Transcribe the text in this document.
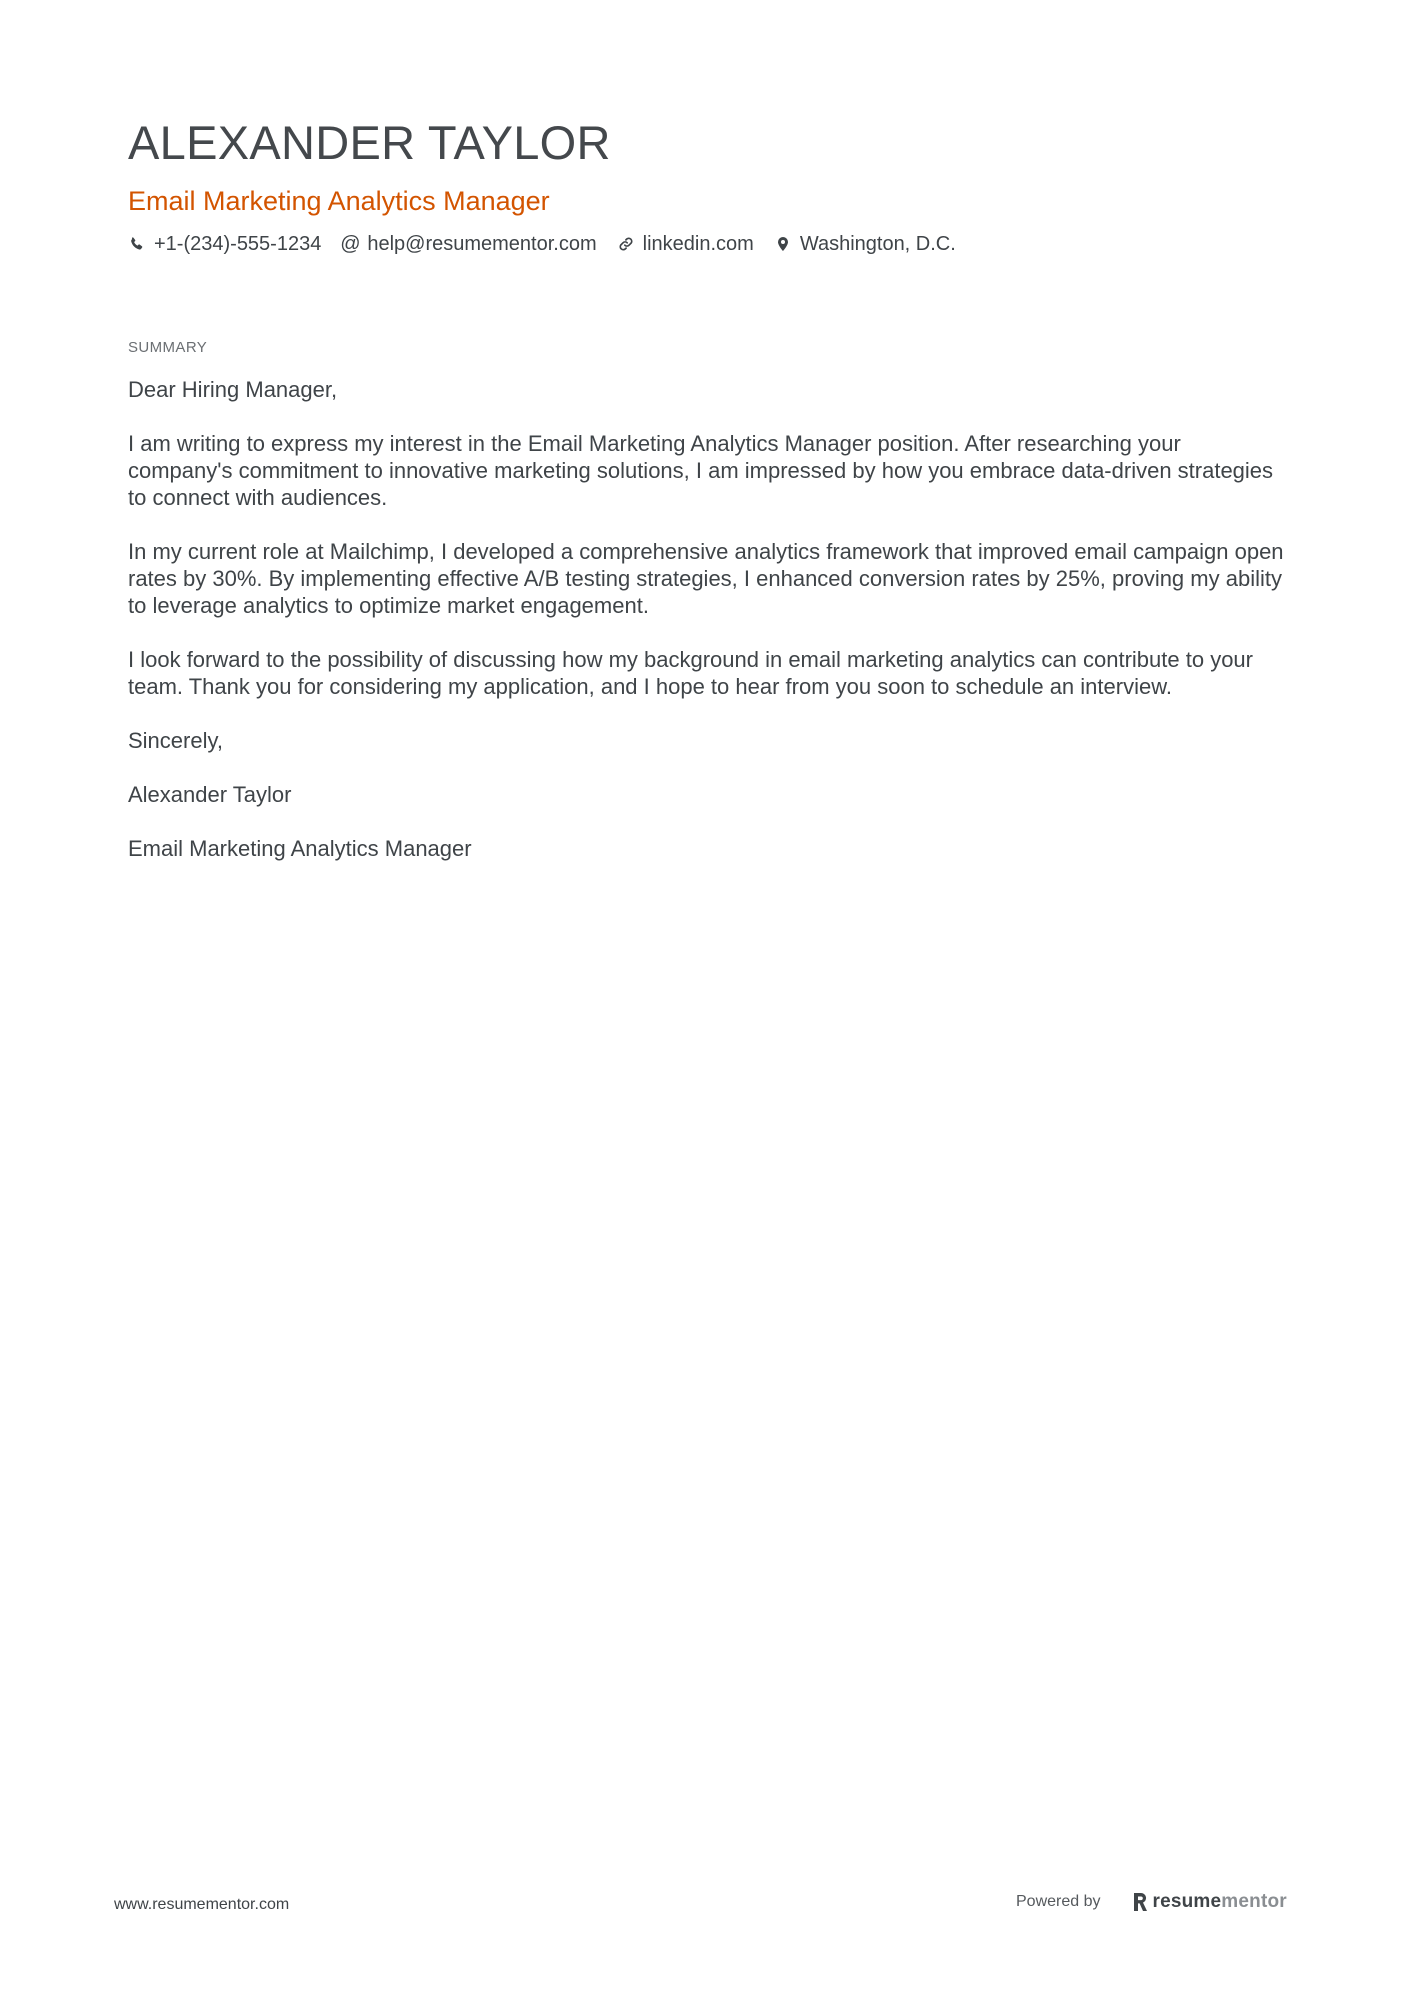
ALEXANDER TAYLOR
Email Marketing Analytics Manager
+1-(234)-555-1234 @ help@resumementor.com linkedin.com Washington, D.C.
SUMMARY

Dear Hiring Manager,

I am writing to express my interest in the Email Marketing Analytics Manager position. After researching your company's commitment to innovative marketing solutions, I am impressed by how you embrace data-driven strategies to connect with audiences.

In my current role at Mailchimp, I developed a comprehensive analytics framework that improved email campaign open rates by 30%. By implementing effective A/B testing strategies, I enhanced conversion rates by 25%, proving my ability to leverage analytics to optimize market engagement.

I look forward to the possibility of discussing how my background in email marketing analytics can contribute to your team. Thank you for considering my application, and I hope to hear from you soon to schedule an interview.

Sincerely,

Alexander Taylor

Email Marketing Analytics Manager

www.resumementor.com	Powered by	resume mentor
